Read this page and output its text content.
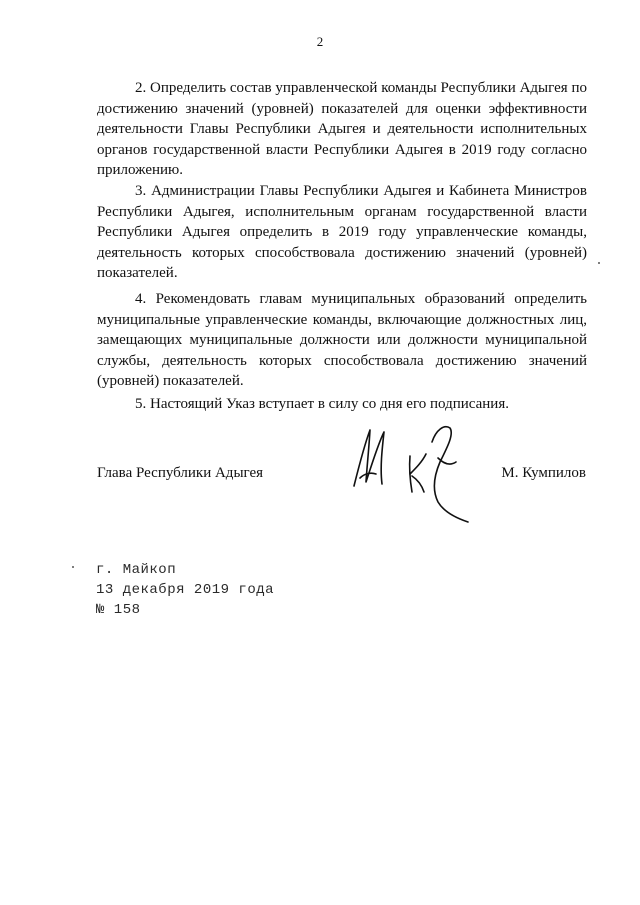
2

2. Определить состав управленческой команды Республики Адыгея по достижению значений (уровней) показателей для оценки эффективности деятельности Главы Республики Адыгея и деятельности исполнительных органов государственной власти Республики Адыгея в 2019 году согласно приложению.

3. Администрации Главы Республики Адыгея и Кабинета Министров Республики Адыгея, исполнительным органам государственной власти Республики Адыгея определить в 2019 году управленческие команды, деятельность которых способствовала достижению значений (уровней) показателей.

4. Рекомендовать главам муниципальных образований определить муниципальные управленческие команды, включающие должностных лиц, замещающих муниципальные должности или должности муниципальной службы, деятельность которых способствовала достижению значений (уровней) показателей.

5. Настоящий Указ вступает в силу со дня его подписания.

Глава Республики Адыгея	М. Кумпилов
г. Майкоп
13 декабря 2019 года
№ 158
